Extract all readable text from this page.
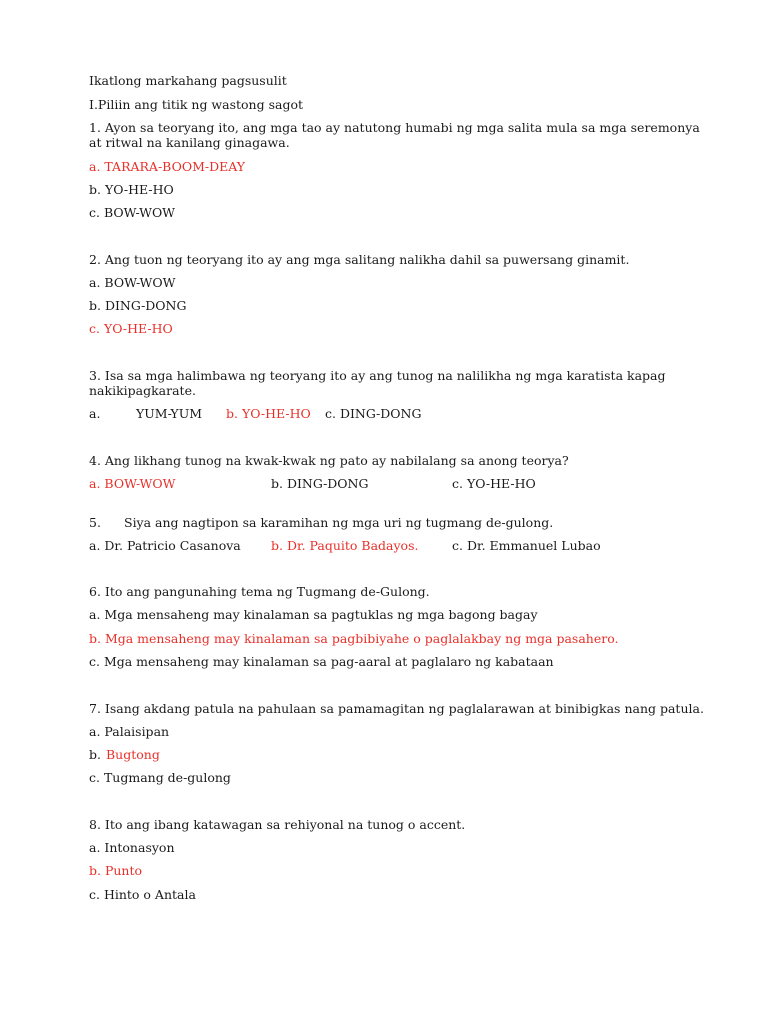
Ikatlong markahang pagsusulit
I.Piliin ang titik ng wastong sagot
1. Ayon sa teoryang ito, ang mga tao ay natutong humabi ng mga salita mula sa mga seremonya
at ritwal na kanilang ginagawa.
a. TARARA-BOOM-DEAY
b. YO-HE-HO
c. BOW-WOW
2. Ang tuon ng teoryang ito ay ang mga salitang nalikha dahil sa puwersang ginamit.
a. BOW-WOW
b. DING-DONG
c. YO-HE-HO
3. Isa sa mga halimbawa ng teoryang ito ay ang tunog na nalilikha ng mga karatista kapag
nakikipagkarate.
a.	YUM-YUM b. YO-HE-HO c. DING-DONG
4. Ang likhang tunog na kwak-kwak ng pato ay nabilalang sa anong teorya?
a. BOW-WOW	b. DING-DONG	c. YO-HE-HO
5. Siya ang nagtipon sa karamihan ng mga uri ng tugmang de-gulong.
a. Dr. Patricio Casanova b. Dr. Paquito Badayos.	c. Dr. Emmanuel Lubao
6. Ito ang pangunahing tema ng Tugmang de-Gulong.
a. Mga mensaheng may kinalaman sa pagtuklas ng mga bagong bagay
b. Mga mensaheng may kinalaman sa pagbibiyahe o paglalakbay ng mga pasahero.
c. Mga mensaheng may kinalaman sa pag-aaral at paglalaro ng kabataan
7. Isang akdang patula na pahulaan sa pamamagitan ng paglalarawan at binibigkas nang patula.
a. Palaisipan
b. Bugtong
c. Tugmang de-gulong
8. Ito ang ibang katawagan sa rehiyonal na tunog o accent.
a. Intonasyon
b. Punto
c. Hinto o Antala
